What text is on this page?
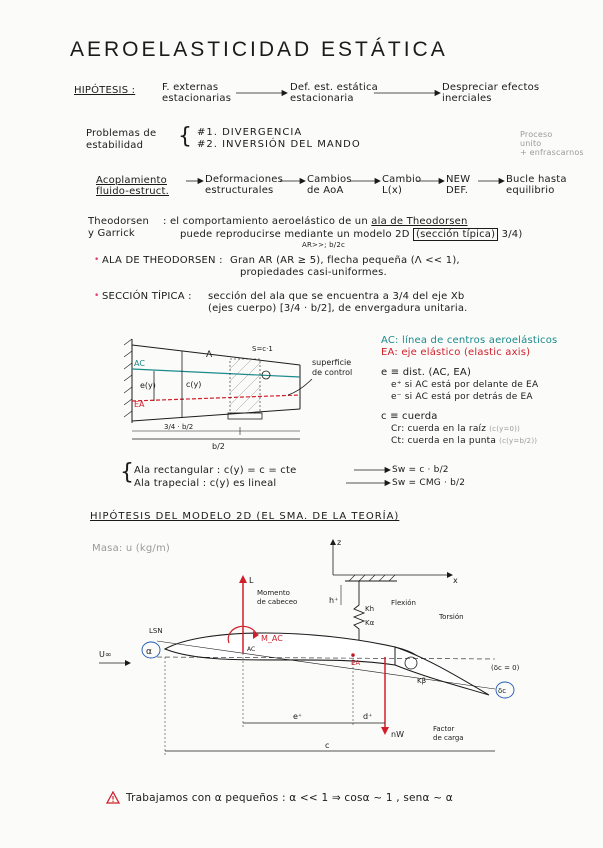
AEROELASTICIDAD ESTÁTICA
HIPÓTESIS :	F. externas
estacionarias
Def. est. estática
estacionaria
Despreciar efectos
inerciales
Problemas de
estabilidad	{ #1. DIVERGENCIA
#2. INVERSIÓN DEL MANDO
Proceso
unito
+ enfrascarnos
Acoplamiento
fluido-estruct.
Deformaciones
estructurales
Cambios
de AoA
Cambio
L(x)
NEW
DEF.
Bucle hasta
equilibrio
Theodorsen
y Garrick
: el comportamiento aeroelástico de un ala de Theodorsen
puede reproducirse mediante un modelo 2D (sección típica) 3/4)
AR>>; b/2c
• ALA DE THEODORSEN : Gran AR (AR ≥ 5), flecha pequeña (Λ << 1),
propiedades casi-uniformes.
• SECCIÓN TÍPICA : sección del ala que se encuentra a 3/4 del eje Xb
(ejes cuerpo) [3/4 · b/2], de envergadura unitaria.
AC
EA
e(y)	c(y)
Λ
S=c·1
superficie
de control
3/4 · b/2
b/2
AC: línea de centros aeroelásticos
EA: eje elástico (elastic axis)
e ≡ dist. (AC, EA)
e⁺ si AC está por delante de EA
e⁻ si AC está por detrás de EA
c ≡ cuerda
Cr: cuerda en la raíz (c(y=0))
Ct: cuerda en la punta (c(y=b/2))
{ Ala rectangular : c(y) = c = cte
Ala trapecial : c(y) es lineal
Sw = c · b/2
Sw = CMG · b/2
HIPÓTESIS DEL MODELO 2D (EL SMA. DE LA TEORÍA)
Masa: u (kg/m)
z
x
h⁺
Kh
Kα
Flexión
Torsión
LSN
α
U∞
L
Momento
de cabeceo
M_AC
AC
EA
Kβ
(δc = 0)
δc
nW
Factor
de carga
e⁺	d⁺
c
Trabajamos con α pequeños : α << 1 ⇒ cosα ~ 1 , senα ~ α
